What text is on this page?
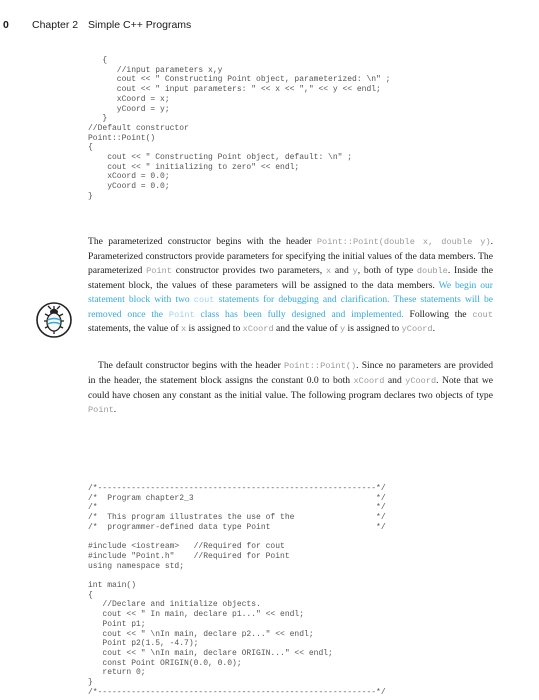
0 Chapter 2 Simple C++ Programs
{
//input parameters x,y
cout << " Constructing Point object, parameterized: \n" ;
cout << " input parameters: " << x << "," << y << endl;
xCoord = x;
yCoord = y;
}
//Default constructor
Point::Point()
{
cout << " Constructing Point object, default: \n" ;
cout << " initializing to zero" << endl;
xCoord = 0.0;
yCoord = 0.0;
}

The parameterized constructor begins with the header Point::Point(double x, double y). Parameterized constructors provide parameters for specifying the initial values of the data members. The parameterized Point constructor provides two parameters, x and y, both of type double. Inside the statement block, the values of these parameters will be assigned to the data members. We begin our statement block with two cout statements for debugging and clarification. These statements will be removed once the Point class has been fully designed and implemented. Following the cout statements, the value of x is assigned to xCoord and the value of y is assigned to yCoord.

The default constructor begins with the header Point::Point(). Since no parameters are provided in the header, the statement block assigns the constant 0.0 to both xCoord and yCoord. Note that we could have chosen any constant as the initial value. The following program declares two objects of type Point.

/*----------------------------------------------------------*/
/*  Program chapter2_3                                      */
/*                                                          */
/*  This program illustrates the use of the                 */
/*  programmer-defined data type Point                      */

#include <iostream>   //Required for cout
#include "Point.h"    //Required for Point
using namespace std;

int main()
{
//Declare and initialize objects.
cout << " In main, declare p1..." << endl;
Point p1;
cout << " \nIn main, declare p2..." << endl;
Point p2(1.5, -4.7);
cout << " \nIn main, declare ORIGIN..." << endl;
const Point ORIGIN(0.0, 0.0);
return 0;
}
/*----------------------------------------------------------*/
